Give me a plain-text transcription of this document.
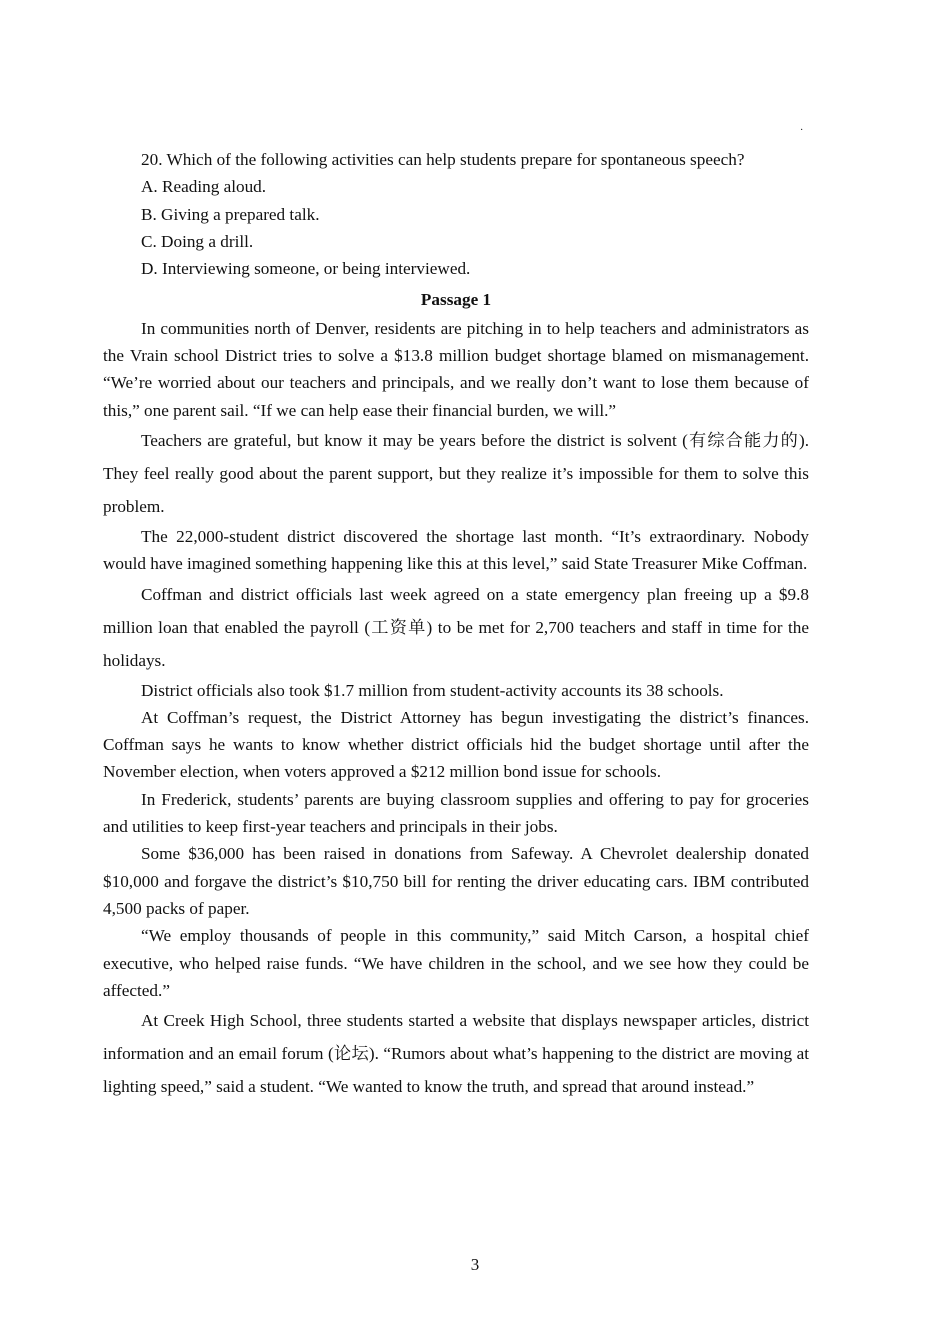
·

20. Which of the following activities can help students prepare for spontaneous speech?

A. Reading aloud.

B. Giving a prepared talk.

C. Doing a drill.

D. Interviewing someone, or being interviewed.

Passage 1

In communities north of Denver, residents are pitching in to help teachers and administrators as the Vrain school District tries to solve a $13.8 million budget shortage blamed on mismanagement. “We’re worried about our teachers and principals, and we really don’t want to lose them because of this,” one parent sail. “If we can help ease their financial burden, we will.”

Teachers are grateful, but know it may be years before the district is solvent (有综合能力的). They feel really good about the parent support, but they realize it’s impossible for them to solve this problem.

The 22,000-student district discovered the shortage last month. “It’s extraordinary. Nobody would have imagined something happening like this at this level,” said State Treasurer Mike Coffman.

Coffman and district officials last week agreed on a state emergency plan freeing up a $9.8 million loan that enabled the payroll (工资单) to be met for 2,700 teachers and staff in time for the holidays.

District officials also took $1.7 million from student-activity accounts its 38 schools.

At Coffman’s request, the District Attorney has begun investigating the district’s finances. Coffman says he wants to know whether district officials hid the budget shortage until after the November election, when voters approved a $212 million bond issue for schools.

In Frederick, students’ parents are buying classroom supplies and offering to pay for groceries and utilities to keep first-year teachers and principals in their jobs.

Some $36,000 has been raised in donations from Safeway. A Chevrolet dealership donated $10,000 and forgave the district’s $10,750 bill for renting the driver educating cars. IBM contributed 4,500 packs of paper.

“We employ thousands of people in this community,” said Mitch Carson, a hospital chief executive, who helped raise funds. “We have children in the school, and we see how they could be affected.”

At Creek High School, three students started a website that displays newspaper articles, district information and an email forum (论坛). “Rumors about what’s happening to the district are moving at lighting speed,” said a student. “We wanted to know the truth, and spread that around instead.”

3
